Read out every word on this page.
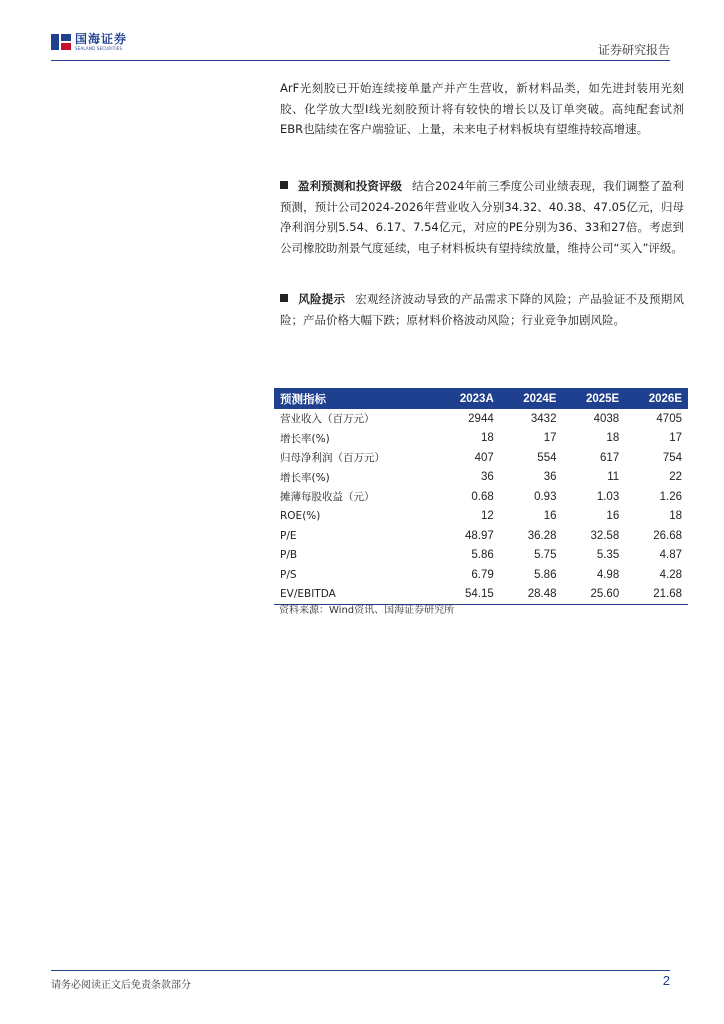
国海证券
SEALAND SECURITIES	证券研究报告
ArF光刻胶已开始连续接单量产并产生营收，新材料品类，如先进封装用光刻胶、化学放大型I线光刻胶预计将有较快的增长以及订单突破。高纯配套试剂EBR也陆续在客户端验证、上量，未来电子材料板块有望维持较高增速。
盈利预测和投资评级 结合2024年前三季度公司业绩表现，我们调整了盈利预测，预计公司2024-2026年营业收入分别34.32、40.38、47.05亿元，归母净利润分别5.54、6.17、7.54亿元，对应的PE分别为36、33和27倍。考虑到公司橡胶助剂景气度延续，电子材料板块有望持续放量，维持公司“买入”评级。
风险提示 宏观经济波动导致的产品需求下降的风险；产品验证不及预期风险；产品价格大幅下跌；原材料价格波动风险；行业竞争加剧风险。
预测指标	2023A	2024E	2025E	2026E
营业收入（百万元）	2944	3432	4038	4705
增长率(%)	18	17	18	17
归母净利润（百万元）	407	554	617	754
增长率(%)	36	36	11	22
摊薄每股收益（元）	0.68	0.93	1.03	1.26
ROE(%)	12	16	16	18
P/E	48.97	36.28	32.58	26.68
P/B	5.86	5.75	5.35	4.87
P/S	6.79	5.86	4.98	4.28
EV/EBITDA	54.15	28.48	25.60	21.68
资料来源：Wind资讯、国海证券研究所
请务必阅读正文后免责条款部分	2
